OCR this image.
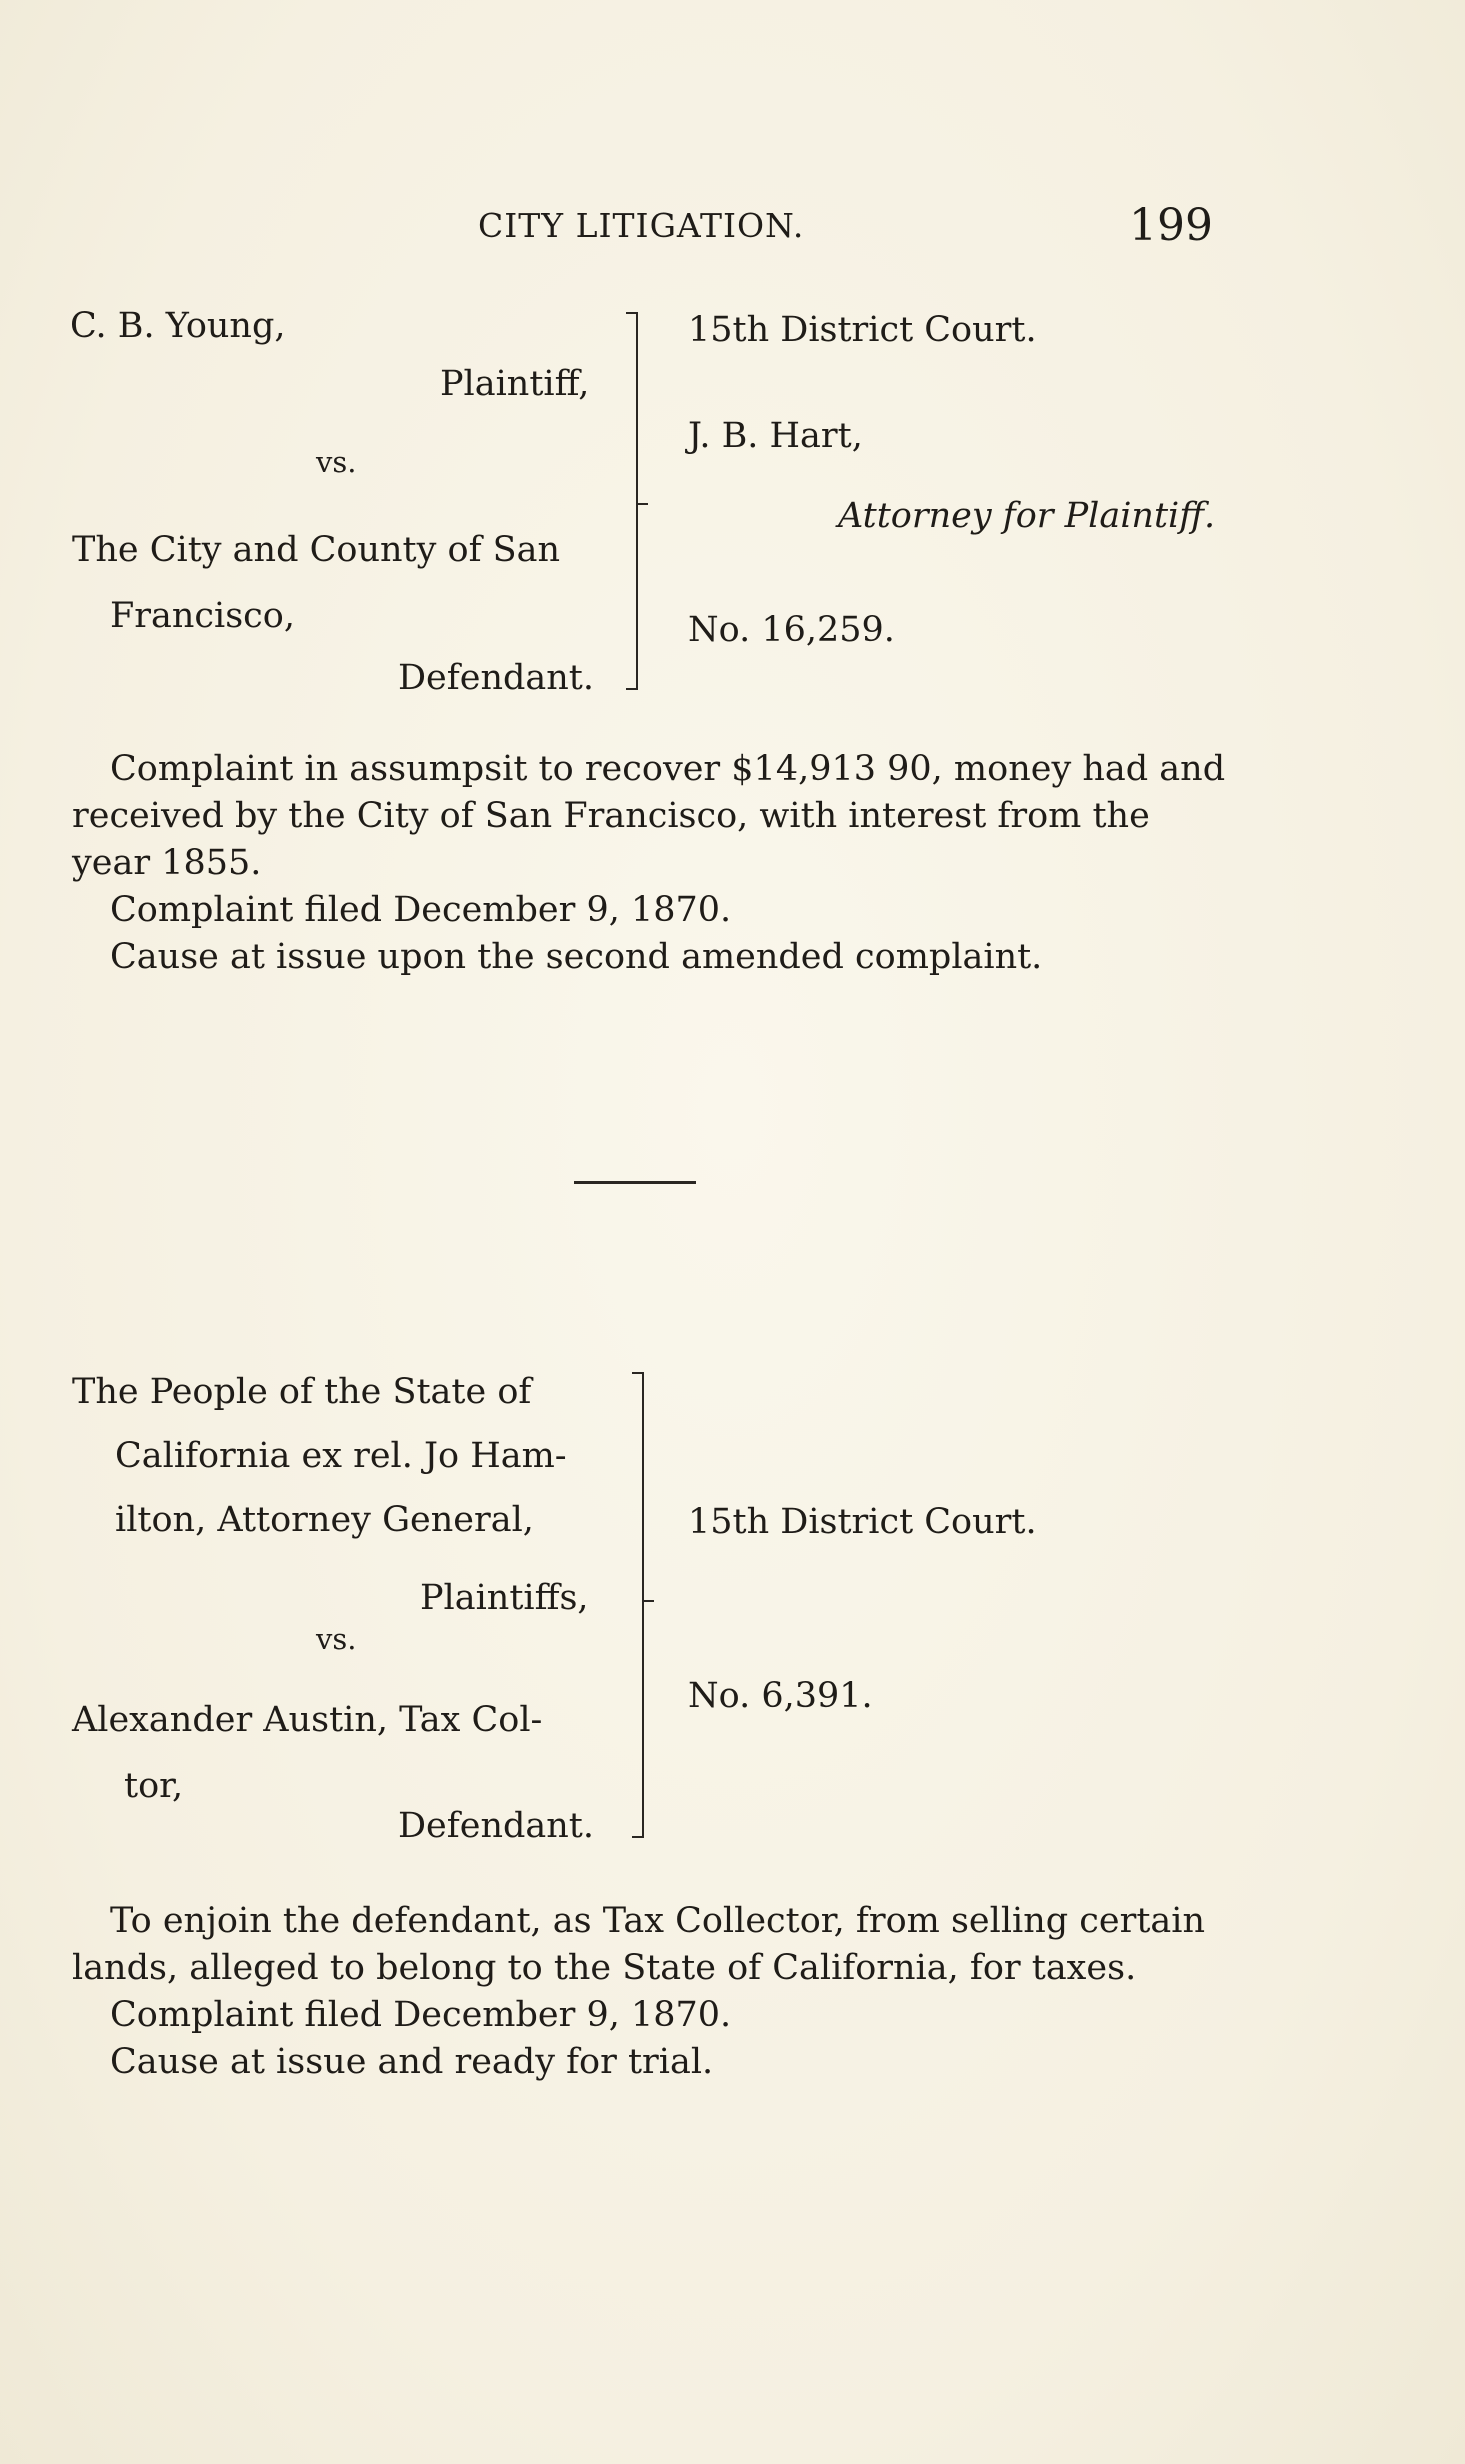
CITY LITIGATION.	199
C. B. Young,
Plaintiff,
vs.
The City and County of San
Francisco,
Defendant.
15th District Court.
J. B. Hart,
Attorney for Plaintiff.
No. 16,259.
Complaint in assumpsit to recover $14,913 90, money had and
received by the City of San Francisco, with interest from the

year 1855.

Complaint filed December 9, 1870.

Cause at issue upon the second amended complaint.

The People of the State of
California ex rel. Jo Ham-
ilton, Attorney General,
Plaintiffs,
vs.
Alexander Austin, Tax Col-
tor,
Defendant.
15th District Court.
No. 6,391.
To enjoin the defendant, as Tax Collector, from selling certain

lands, alleged to belong to the State of California, for taxes.

Complaint filed December 9, 1870.

Cause at issue and ready for trial.
